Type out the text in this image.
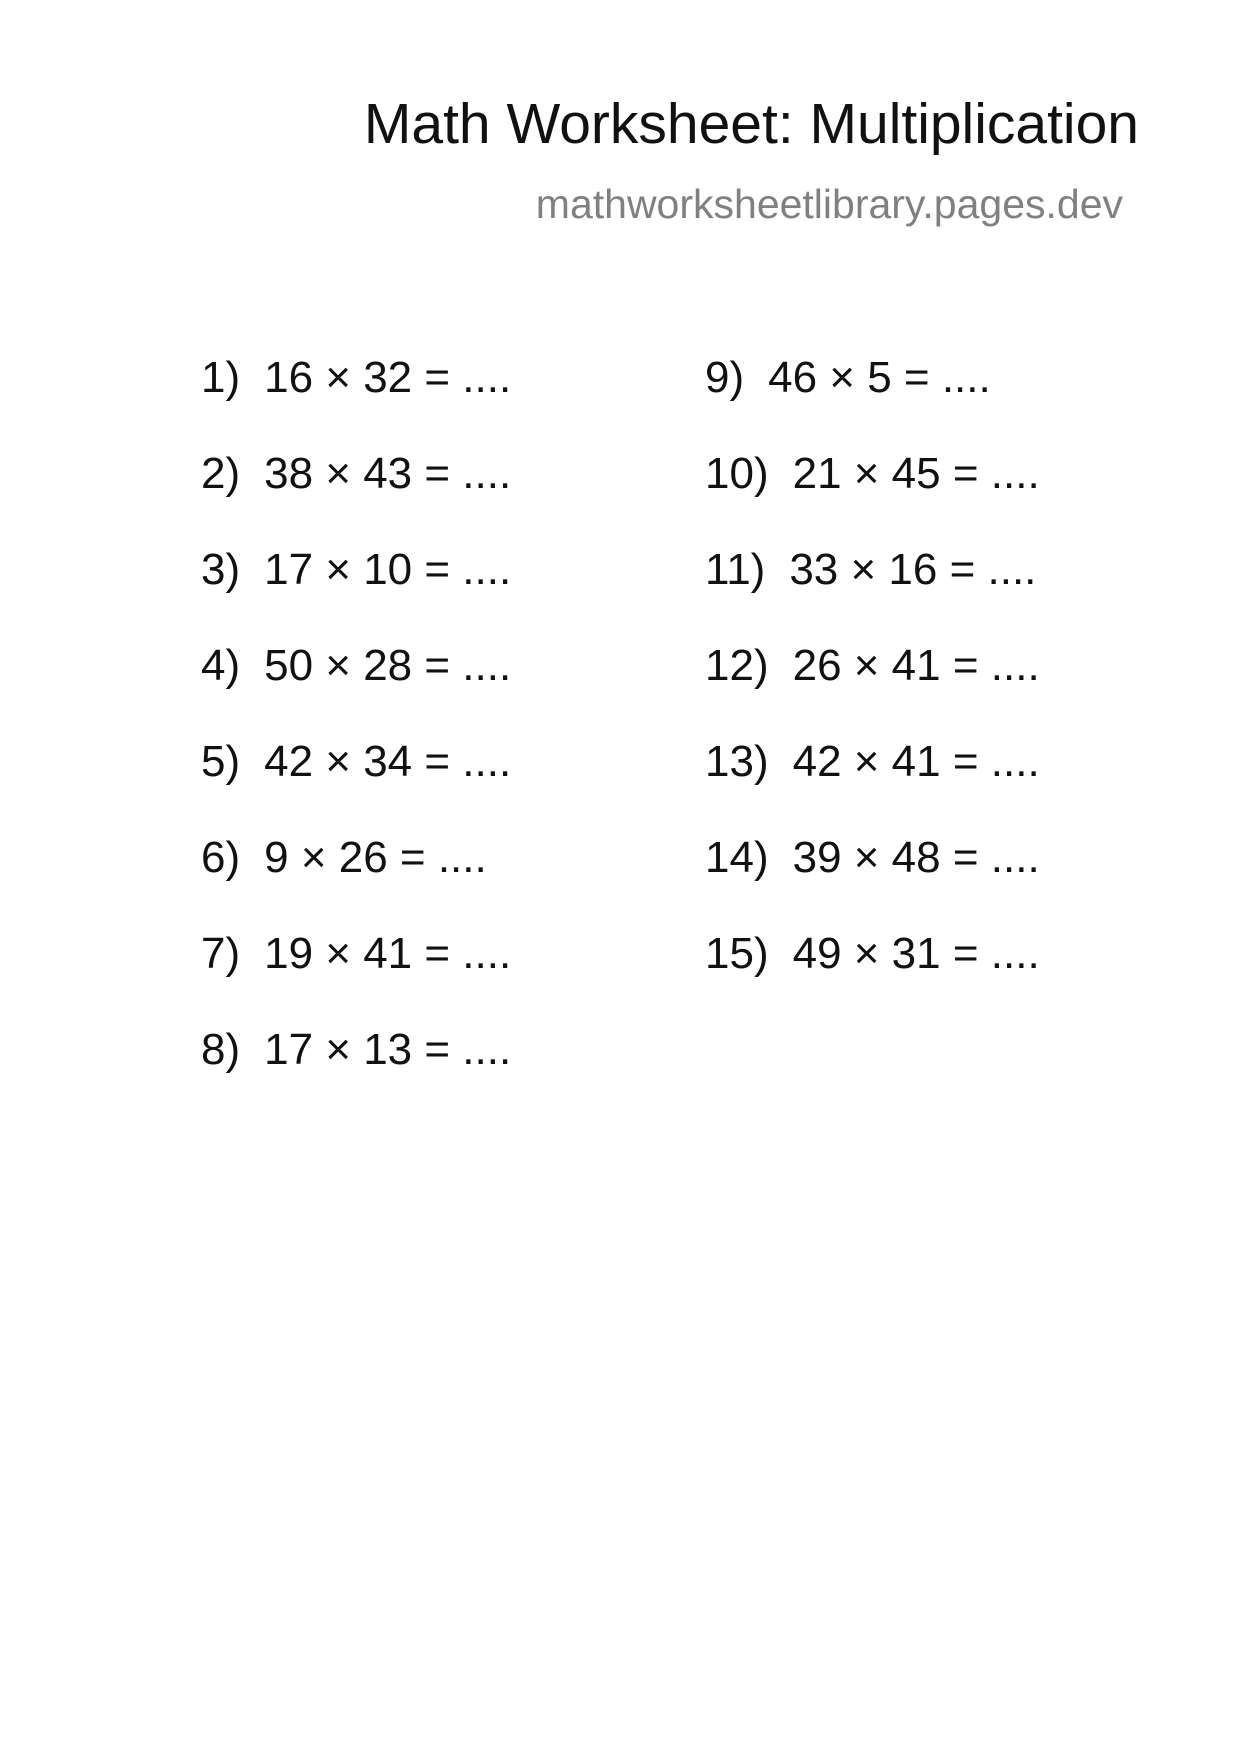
Math Worksheet: Multiplication
mathworksheetlibrary.pages.dev
1) 16 × 32 = ....
2) 38 × 43 = ....
3) 17 × 10 = ....
4) 50 × 28 = ....
5) 42 × 34 = ....
6) 9 × 26 = ....
7) 19 × 41 = ....
8) 17 × 13 = ....
9) 46 × 5 = ....
10) 21 × 45 = ....
11) 33 × 16 = ....
12) 26 × 41 = ....
13) 42 × 41 = ....
14) 39 × 48 = ....
15) 49 × 31 = ....
